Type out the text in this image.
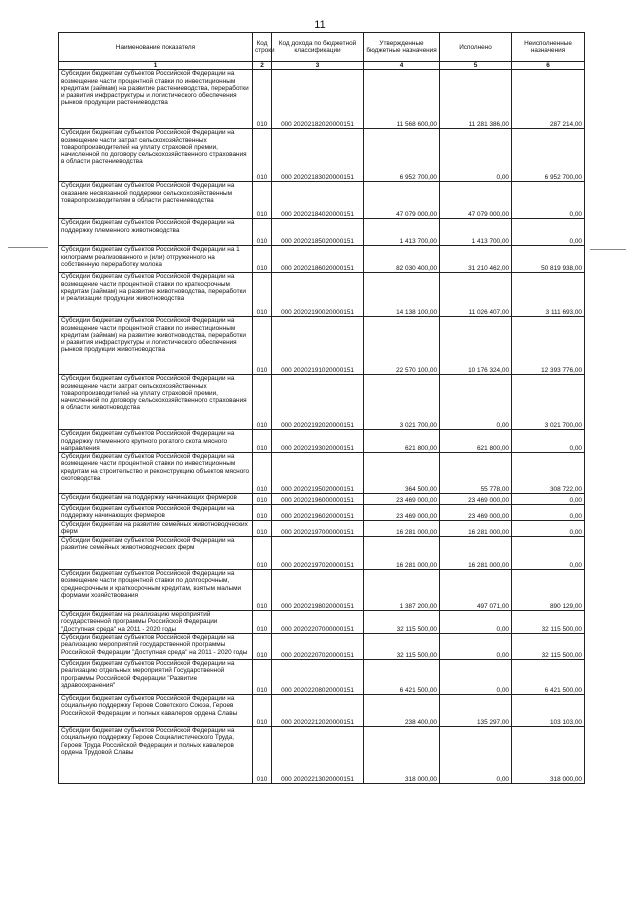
11
Наименование показателя	Код строки	Код дохода по бюджетной классификации	Утвержденные бюджетные назначения	Исполнено	Неисполненные назначения
1	2	3	4	5	6
Субсидии бюджетам субъектов Российской Федерации на возмещение части процентной ставки по инвестиционным кредитам (займам) на развитие растениеводства, переработки и развития инфраструктуры и логистического обеспечения рынков продукции растениеводства	010	000 20202182020000151	11 568 600,00	11 281 386,00	287 214,00
Субсидии бюджетам субъектов Российской Федерации на возмещение части затрат сельскохозяйственных товаропроизводителей на уплату страховой премии, начисленной по договору сельскохозяйственного страхования в области растениеводства	010	000 20202183020000151	6 952 700,00	0,00	6 952 700,00
Субсидии бюджетам субъектов Российской Федерации на оказание несвязанной поддержки сельскохозяйственным товаропроизводителям в области растениеводства	010	000 20202184020000151	47 079 000,00	47 079 000,00	0,00
Субсидии бюджетам субъектов Российской Федерации на поддержку племенного животноводства	010	000 20202185020000151	1 413 700,00	1 413 700,00	0,00
Субсидии бюджетам субъектов Российской Федерации на 1 килограмм реализованного и (или) отгруженного на собственную переработку молока	010	000 20202186020000151	82 030 400,00	31 210 462,00	50 819 938,00
Субсидии бюджетам субъектов Российской Федерации на возмещение части процентной ставки по краткосрочным кредитам (займам) на развитие животноводства, переработки и реализации продукции животноводства	010	000 20202190020000151	14 138 100,00	11 026 407,00	3 111 693,00
Субсидии бюджетам субъектов Российской Федерации на возмещение части процентной ставки по инвестиционным кредитам (займам) на развитие животноводства, переработки и развития инфраструктуры и логистического обеспечения рынков продукции животноводства	010	000 20202191020000151	22 570 100,00	10 176 324,00	12 393 776,00
Субсидии бюджетам субъектов Российской Федерации на возмещение части затрат сельскохозяйственных товаропроизводителей на уплату страховой премии, начисленной по договору сельскохозяйственного страхования в области животноводства	010	000 20202192020000151	3 021 700,00	0,00	3 021 700,00
Субсидии бюджетам субъектов Российской Федерации на поддержку племенного крупного рогатого скота мясного направления	010	000 20202193020000151	621 800,00	621 800,00	0,00
Субсидии бюджетам субъектов Российской Федерации на возмещение части процентной ставки по инвестиционным кредитам на строительство и реконструкцию объектов мясного скотоводства	010	000 20202195020000151	364 500,00	55 778,00	308 722,00
Субсидии бюджетам на поддержку начинающих фермеров	010	000 20202196000000151	23 469 000,00	23 469 000,00	0,00
Субсидии бюджетам субъектов Российской Федерации на поддержку начинающих фермеров	010	000 20202196020000151	23 469 000,00	23 469 000,00	0,00
Субсидии бюджетам на развитие семейных животноводческих ферм	010	000 20202197000000151	16 281 000,00	16 281 000,00	0,00
Субсидии бюджетам субъектов Российской Федерации на развитие семейных животноводческих ферм	010	000 20202197020000151	16 281 000,00	16 281 000,00	0,00
Субсидии бюджетам субъектов Российской Федерации на возмещение части процентной ставки по долгосрочным, среднесрочным и краткосрочным кредитам, взятым малыми формами хозяйствования	010	000 20202198020000151	1 387 200,00	497 071,00	890 129,00
Субсидии бюджетам на реализацию мероприятий государственной программы Российской Федерации "Доступная среда" на 2011 - 2020 годы	010	000 20202207000000151	32 115 500,00	0,00	32 115 500,00
Субсидии бюджетам субъектов Российской Федерации на реализацию мероприятий государственной программы Российской Федерации "Доступная среда" на 2011 - 2020 годы	010	000 20202207020000151	32 115 500,00	0,00	32 115 500,00
Субсидии бюджетам субъектов Российской Федерации на реализацию отдельных мероприятий Государственной программы Российской Федерации "Развитие здравоохранения"	010	000 20202208020000151	6 421 500,00	0,00	6 421 500,00
Субсидии бюджетам субъектов Российской Федерации на социальную поддержку Героев Советского Союза, Героев Российской Федерации и полных кавалеров ордена Славы	010	000 20202212020000151	238 400,00	135 297,00	103 103,00
Субсидии бюджетам субъектов Российской Федерации на социальную поддержку Героев Социалистического Труда, Героев Труда Российской Федерации и полных кавалеров ордена Трудовой Славы	010	000 20202213020000151	318 000,00	0,00	318 000,00
